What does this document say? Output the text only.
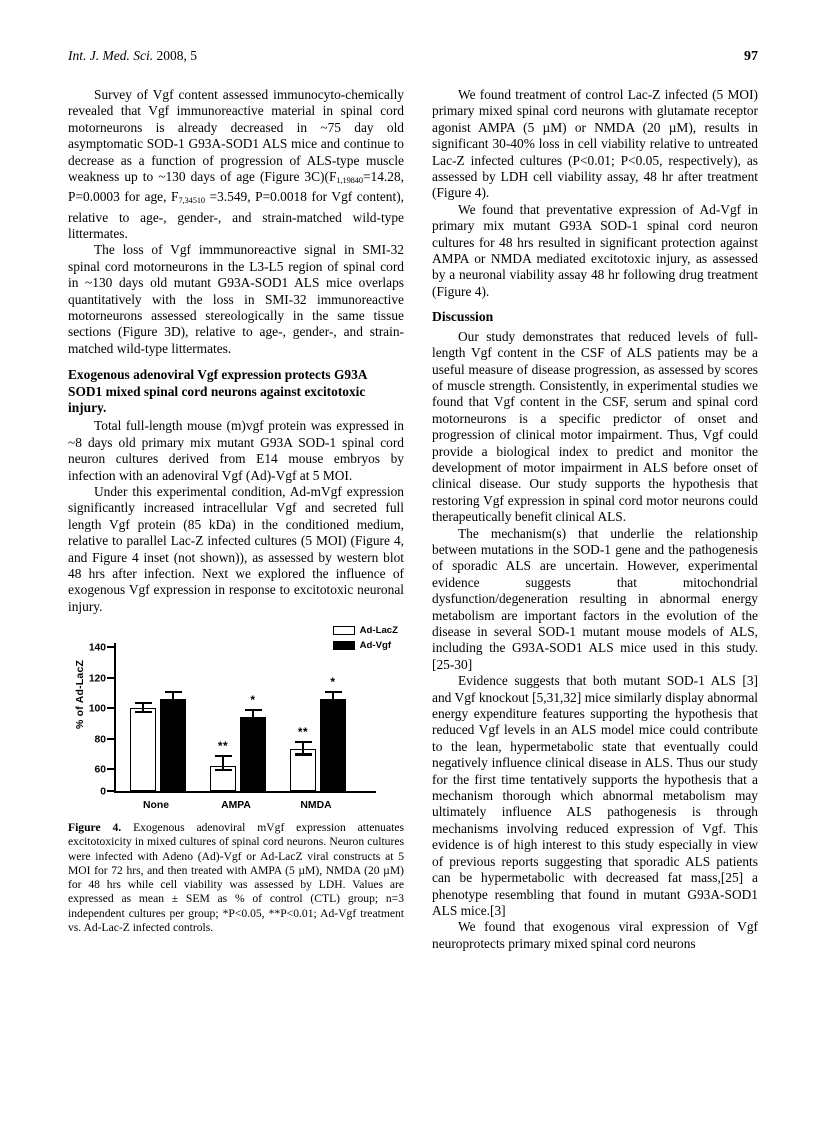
Int. J. Med. Sci. 2008, 5	97

Survey of Vgf content assessed immunocyto-chemically revealed that Vgf immunoreactive material in spinal cord motorneurons is already decreased in ~75 day old asymptomatic SOD-1 G93A-SOD1 ALS mice and continue to decrease as a function of progression of ALS-type muscle weakness up to ~130 days of age (Figure $3C)(F_{1,19840}=14.28$, P=0.0003 for age, $F_{7,34510} =3.549$, P=0.0018 for Vgf content), relative to age-, gender-, and strain-matched wild-type littermates.

The loss of Vgf immmunoreactive signal in SMI-32 spinal cord motorneurons in the L3-L5 region of spinal cord in ~130 days old mutant G93A-SOD1 ALS mice overlaps quantitatively with the loss in SMI-32 immunoreactive motorneurons assessed stereologically in the same tissue sections (Figure 3D), relative to age-, gender-, and strain-matched wild-type littermates.

Exogenous adenoviral Vgf expression protects G93A SOD1 mixed spinal cord neurons against excitotoxic injury.

Total full-length mouse (m)vgf protein was expressed in ~8 days old primary mix mutant G93A SOD-1 spinal cord neuron cultures derived from E14 mouse embryos by infection with an adenoviral Vgf (Ad)-Vgf at 5 MOI.

Under this experimental condition, Ad-mVgf expression significantly increased intracellular Vgf and secreted full length Vgf protein (85 kDa) in the conditioned medium, relative to parallel Lac-Z infected cultures (5 MOI) (Figure 4, and Figure 4 inset (not shown)), as assessed by western blot 48 hrs after infection. Next we explored the influence of exogenous Vgf expression in response to excitotoxic neuronal injury.

Ad-LacZ
Ad-Vgf
% of Ad-LacZ
**
*
**
*
0
60
80
100
120
140
None	AMPA	NMDA
Figure 4. Exogenous adenoviral mVgf expression attenuates excitotoxicity in mixed cultures of spinal cord neurons. Neuron cultures were infected with Adeno (Ad)-Vgf or Ad-LacZ viral constructs at 5 MOI for 72 hrs, and then treated with AMPA (5 µM), NMDA (20 µM) for 48 hrs while cell viability was assessed by LDH. Values are expressed as mean ± SEM as % of control (CTL) group; n=3 independent cultures per group; *P<0.05, **P<0.01; Ad-Vgf treatment vs. Ad-Lac-Z infected controls.

We found treatment of control Lac-Z infected (5 MOI) primary mixed spinal cord neurons with glutamate receptor agonist AMPA (5 µM) or NMDA (20 µM), results in significant 30-40% loss in cell viability relative to untreated Lac-Z infected cultures (P<0.01; P<0.05, respectively), as assessed by LDH cell viability assay, 48 hr after treatment (Figure 4).

We found that preventative expression of Ad-Vgf in primary mix mutant G93A SOD-1 spinal cord neuron cultures for 48 hrs resulted in significant protection against AMPA or NMDA mediated excitotoxic injury, as assessed by a neuronal viability assay 48 hr following drug treatment (Figure 4).

Discussion

Our study demonstrates that reduced levels of full-length Vgf content in the CSF of ALS patients may be a useful measure of disease progression, as assessed by scores of muscle strength. Consistently, in experimental studies we found that Vgf content in the CSF, serum and spinal cord motorneurons is a specific predictor of onset and progression of clinical motor impairment. Thus, Vgf could provide a biological index to predict and monitor the development of motor impairment in ALS before onset of clinical disease. Our study supports the hypothesis that restoring Vgf expression in spinal cord motor neurons could therapeutically benefit clinical ALS.

The mechanism(s) that underlie the relationship between mutations in the SOD-1 gene and the pathogenesis of sporadic ALS are uncertain. However, experimental evidence suggests that mitochondrial dysfunction/degeneration resulting in abnormal energy metabolism are important factors in the evolution of the disease in several SOD-1 mutant mouse models of ALS, including the G93A-SOD1 ALS mice used in this study. [25-30]

Evidence suggests that both mutant SOD-1 ALS [3] and Vgf knockout [5,31,32] mice similarly display abnormal energy expenditure features supporting the hypothesis that reduced Vgf levels in an ALS model mice could contribute to the lean, hypermetabolic state that eventually could negatively influence clinical disease in ALS. Thus our study for the first time tentatively supports the hypothesis that a mechanism thorough which abnormal metabolism may ultimately influence ALS pathogenesis is through mechanisms involving reduced expression of Vgf. This evidence is of high interest to this study especially in view of previous reports suggesting that sporadic ALS patients can be hypermetabolic with decreased fat mass,[25] a phenotype resembling that found in mutant G93A-SOD1 ALS mice.[3]

We found that exogenous viral expression of Vgf neuroprotects primary mixed spinal cord neurons
